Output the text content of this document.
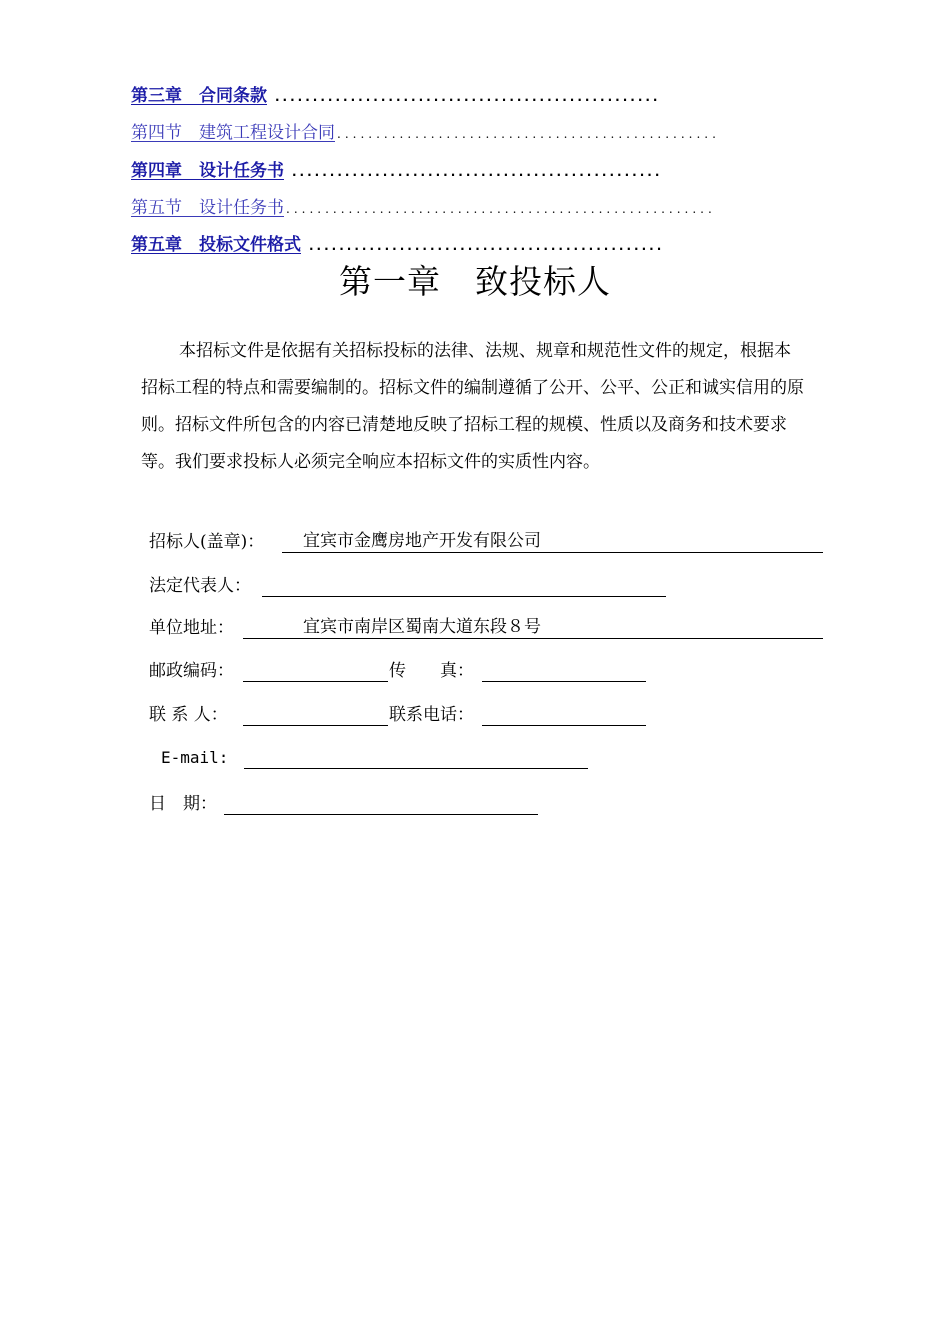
第三章　合同条款 ...................................................
第四节　建筑工程设计合同 .................................................
第四章　设计任务书 .................................................
第五节　设计任务书 .......................................................
第五章　投标文件格式 ...............................................
第一章　致投标人
本招标文件是依据有关招标投标的法律、法规、规章和规范性文件的规定，根据本招标工程的特点和需要编制的。招标文件的编制遵循了公开、公平、公正和诚实信用的原则。招标文件所包含的内容已清楚地反映了招标工程的规模、性质以及商务和技术要求等。我们要求投标人必须完全响应本招标文件的实质性内容。
招标人(盖章)： 宜宾市金鹰房地产开发有限公司
法定代表人：
单位地址：	宜宾市南岸区蜀南大道东段８号
邮政编码：	传　　真：
联 系 人：	联系电话：
E-mail:
日　期：
